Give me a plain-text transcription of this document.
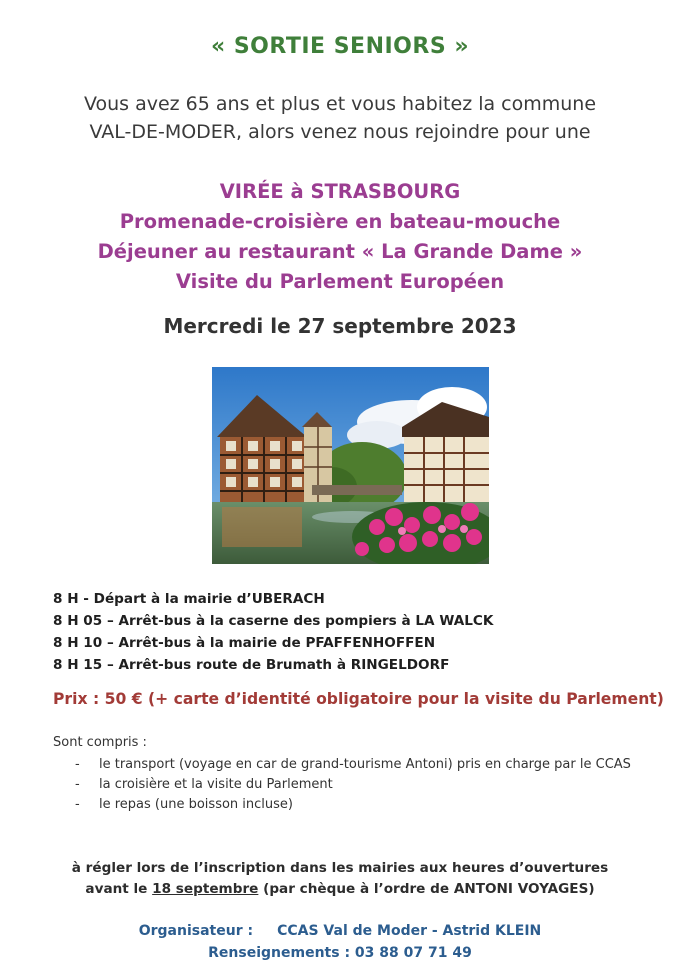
« SORTIE SENIORS »
Vous avez 65 ans et plus et vous habitez la commune
VAL-DE-MODER, alors venez nous rejoindre pour une
VIRÉE à STRASBOURG
Promenade-croisière en bateau-mouche
Déjeuner au restaurant « La Grande Dame »
Visite du Parlement Européen
Mercredi le 27 septembre 2023
8 H - Départ à la mairie d’UBERACH
8 H 05 – Arrêt-bus à la caserne des pompiers à LA WALCK
8 H 10 – Arrêt-bus à la mairie de PFAFFENHOFFEN
8 H 15 – Arrêt-bus route de Brumath à RINGELDORF
Prix : 50 € (+ carte d’identité obligatoire pour la visite du Parlement)
Sont compris :
- le transport (voyage en car de grand-tourisme Antoni) pris en charge par le CCAS
- la croisière et la visite du Parlement
- le repas (une boisson incluse)
à régler lors de l’inscription dans les mairies aux heures d’ouvertures
avant le 18 septembre (par chèque à l’ordre de ANTONI VOYAGES)
Organisateur : CCAS Val de Moder - Astrid KLEIN
Renseignements : 03 88 07 71 49
